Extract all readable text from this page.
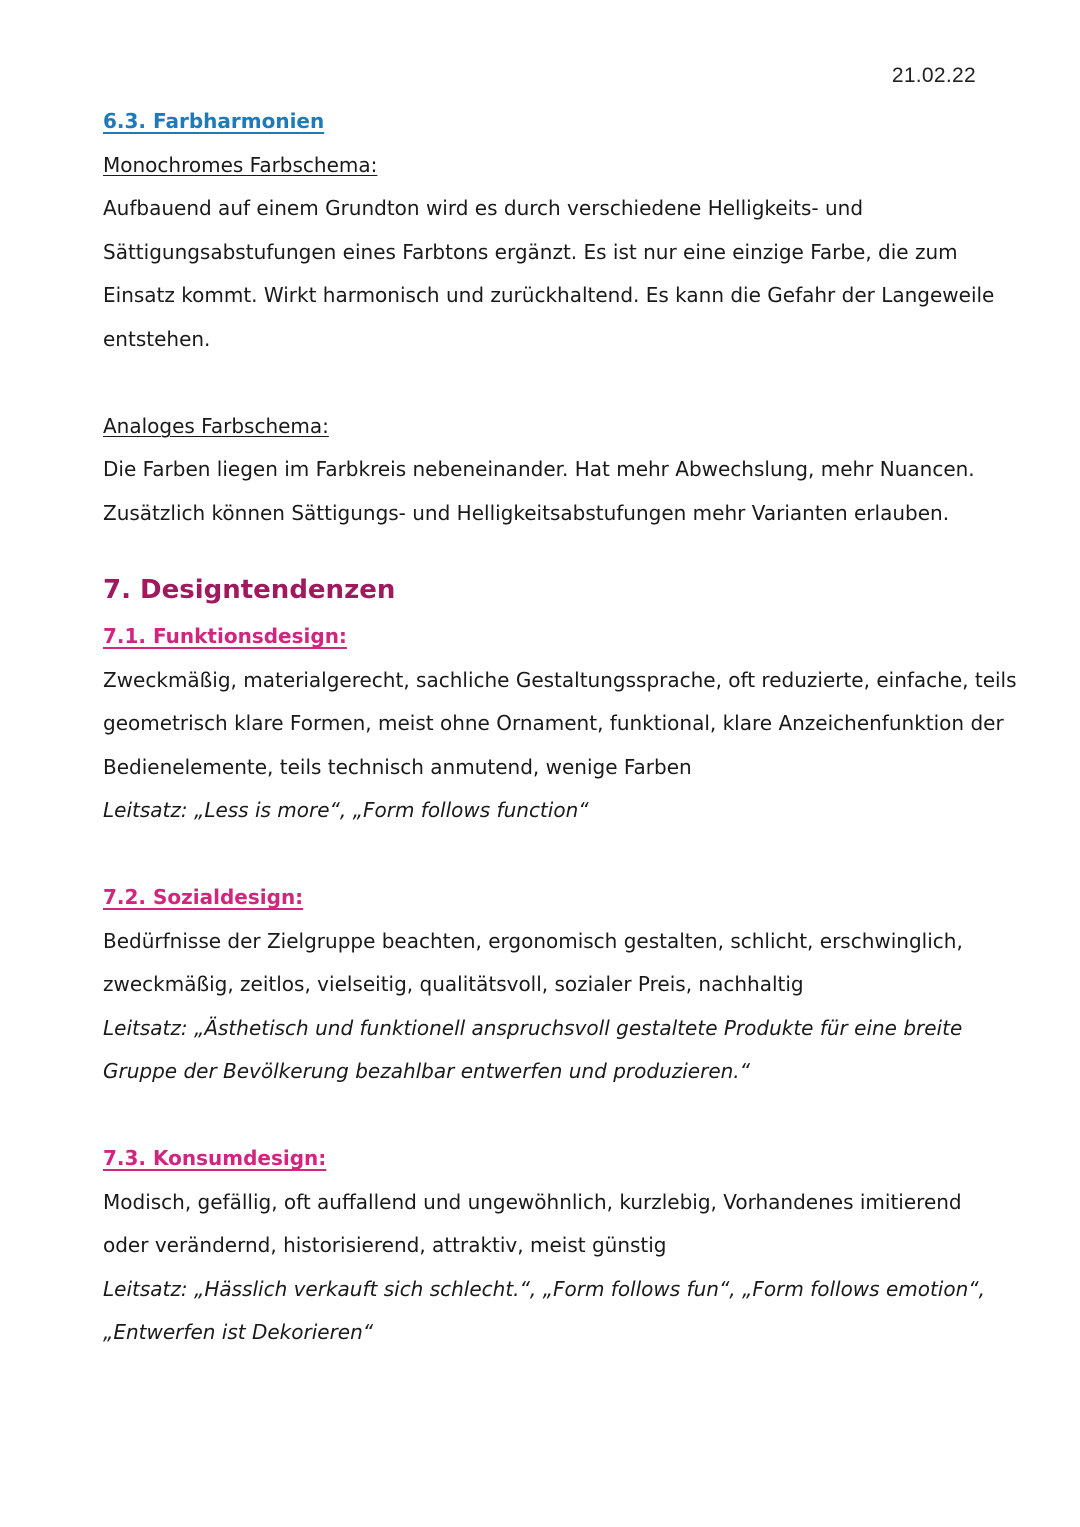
21.02.22

6.3. Farbharmonien

Monochromes Farbschema:

Aufbauend auf einem Grundton wird es durch verschiedene Helligkeits- und

Sättigungsabstufungen eines Farbtons ergänzt. Es ist nur eine einzige Farbe, die zum

Einsatz kommt. Wirkt harmonisch und zurückhaltend. Es kann die Gefahr der Langeweile

entstehen.

Analoges Farbschema:

Die Farben liegen im Farbkreis nebeneinander. Hat mehr Abwechslung, mehr Nuancen.

Zusätzlich können Sättigungs- und Helligkeitsabstufungen mehr Varianten erlauben.

7. Designtendenzen

7.1. Funktionsdesign:

Zweckmäßig, materialgerecht, sachliche Gestaltungssprache, oft reduzierte, einfache, teils

geometrisch klare Formen, meist ohne Ornament, funktional, klare Anzeichenfunktion der

Bedienelemente, teils technisch anmutend, wenige Farben

Leitsatz: „Less is more“, „Form follows function“

7.2. Sozialdesign:

Bedürfnisse der Zielgruppe beachten, ergonomisch gestalten, schlicht, erschwinglich,

zweckmäßig, zeitlos, vielseitig, qualitätsvoll, sozialer Preis, nachhaltig

Leitsatz: „Ästhetisch und funktionell anspruchsvoll gestaltete Produkte für eine breite

Gruppe der Bevölkerung bezahlbar entwerfen und produzieren.“

7.3. Konsumdesign:

Modisch, gefällig, oft auffallend und ungewöhnlich, kurzlebig, Vorhandenes imitierend

oder verändernd, historisierend, attraktiv, meist günstig

Leitsatz: „Hässlich verkauft sich schlecht.“, „Form follows fun“, „Form follows emotion“,

„Entwerfen ist Dekorieren“
